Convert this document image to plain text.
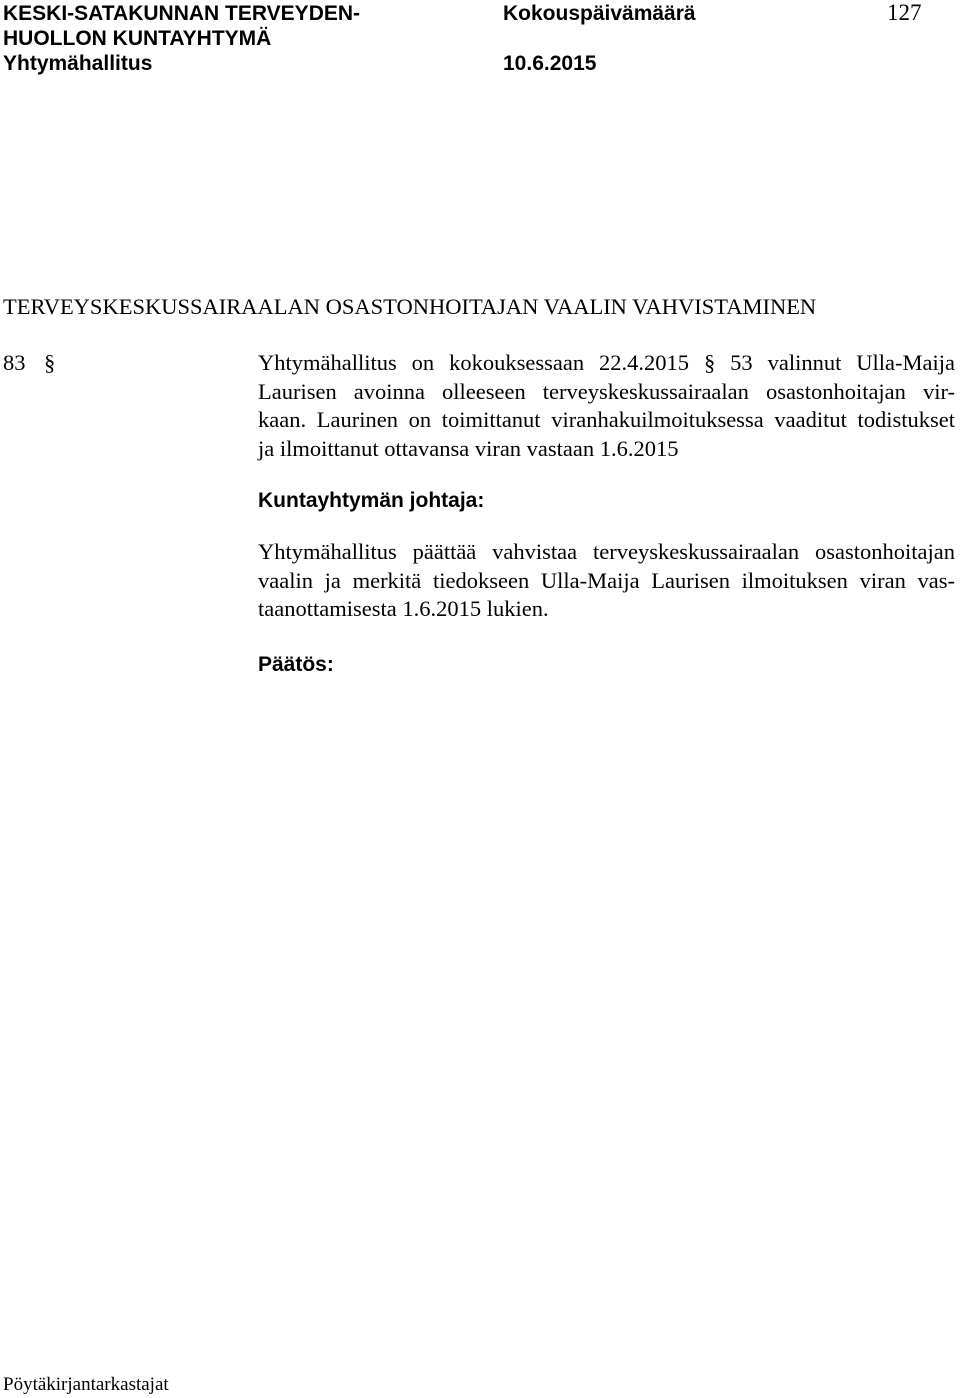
KESKI-SATAKUNNAN TERVEYDEN-
HUOLLON KUNTAYHTYMÄ
Yhtymähallitus
Kokouspäivämäärä
10.6.2015
127
TERVEYSKESKUSSAIRAALAN OSASTONHOITAJAN VAALIN VAHVISTAMINEN
83 §	Yhtymähallitus on kokouksessaan 22.4.2015 § 53 valinnut Ulla-Maija
Laurisen avoinna olleeseen terveyskeskussairaalan osastonhoitajan vir-
kaan. Laurinen on toimittanut viranhakuilmoituksessa vaaditut todistukset
ja ilmoittanut ottavansa viran vastaan 1.6.2015
Kuntayhtymän johtaja:
Yhtymähallitus päättää vahvistaa terveyskeskussairaalan osastonhoitajan
vaalin ja merkitä tiedokseen Ulla-Maija Laurisen ilmoituksen viran vas-
taanottamisesta 1.6.2015 lukien.
Päätös:
Pöytäkirjantarkastajat
